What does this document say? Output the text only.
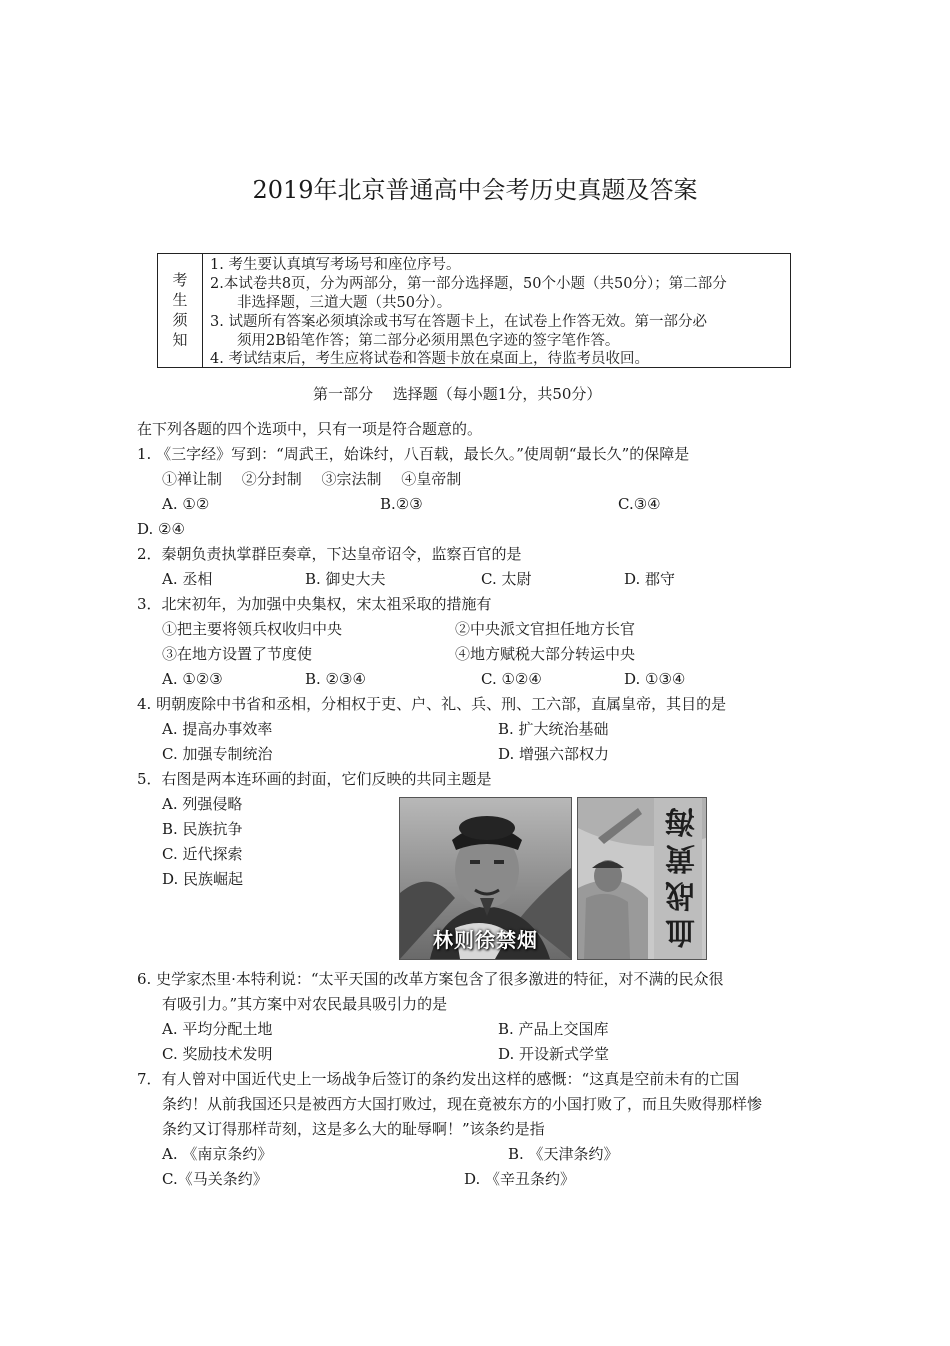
2019年北京普通高中会考历史真题及答案
考
生
须
知
1. 考生要认真填写考场号和座位序号。
2.本试卷共8页，分为两部分，第一部分选择题，50个小题（共50分）；第二部分
非选择题，三道大题（共50分）。
3. 试题所有答案必须填涂或书写在答题卡上，在试卷上作答无效。第一部分必
须用2B铅笔作答；第二部分必须用黑色字迹的签字笔作答。
4. 考试结束后，考生应将试卷和答题卡放在桌面上，待监考员收回。
第一部分　 选择题（每小题1分，共50分）
在下列各题的四个选项中，只有一项是符合题意的。
1. 《三字经》写到：“周武王，始诛纣，八百载，最长久。”使周朝“最长久”的保障是
①禅让制　 ②分封制　 ③宗法制　 ④皇帝制
A. ①②	B.②③	C.③④
D. ②④
2．秦朝负责执掌群臣奏章，下达皇帝诏令，监察百官的是
A. 丞相	B. 御史大夫	C. 太尉	D. 郡守
3．北宋初年，为加强中央集权，宋太祖采取的措施有
①把主要将领兵权收归中央	②中央派文官担任地方长官
③在地方设置了节度使	④地方赋税大部分转运中央
A. ①②③	B. ②③④	C. ①②④	D. ①③④
4. 明朝废除中书省和丞相，分相权于吏、户、礼、兵、刑、工六部，直属皇帝，其目的是
A. 提高办事效率	B. 扩大统治基础
C. 加强专制统治	D. 增强六部权力
5．右图是两本连环画的封面，它们反映的共同主题是
A. 列强侵略
B. 民族抗争
C. 近代探索
D. 民族崛起
林则徐禁烟	血战黄海
6. 史学家杰里·本特利说：“太平天国的改革方案包含了很多激进的特征，对不满的民众很
有吸引力。”其方案中对农民最具吸引力的是
A. 平均分配土地	B. 产品上交国库
C. 奖励技术发明	D. 开设新式学堂
7．有人曾对中国近代史上一场战争后签订的条约发出这样的感慨：“这真是空前未有的亡国
条约！从前我国还只是被西方大国打败过，现在竟被东方的小国打败了，而且失败得那样惨
条约又订得那样苛刻，这是多么大的耻辱啊！”该条约是指
A. 《南京条约》	B. 《天津条约》
C.《马关条约》	D. 《辛丑条约》
